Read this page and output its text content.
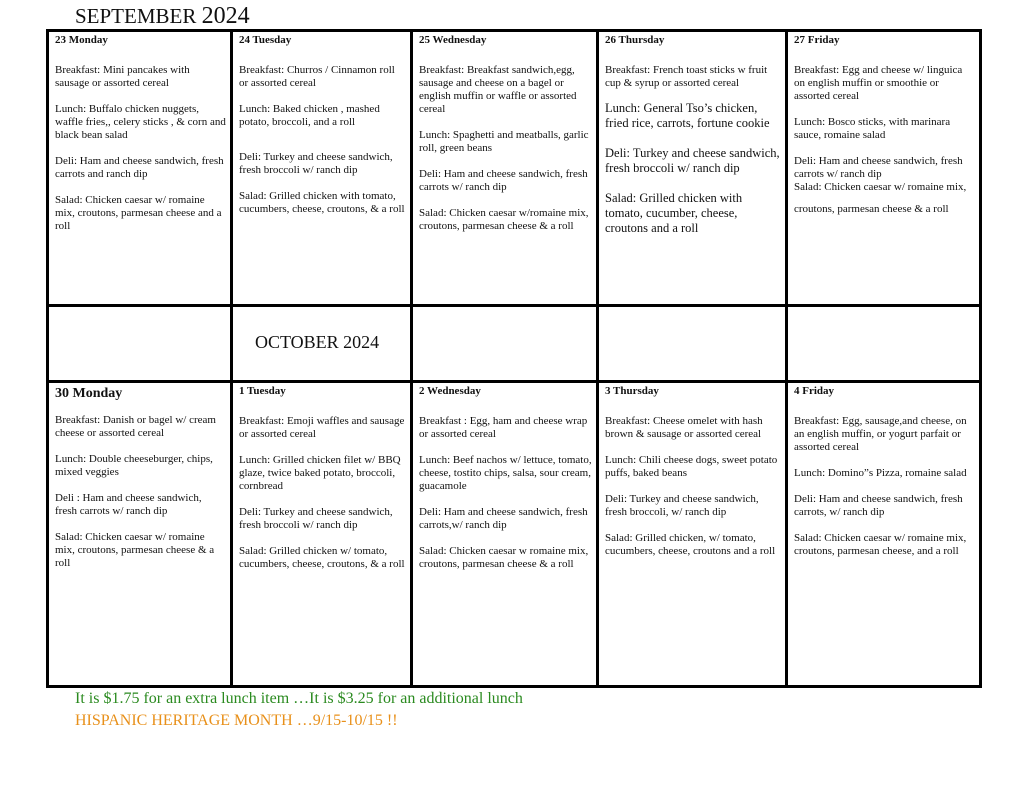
SEPTEMBER 2024
23 Monday

Breakfast: Mini pancakes with sausage or assorted cereal

Lunch: Buffalo chicken nuggets, waffle fries,, celery sticks , & corn and black bean salad

Deli: Ham and cheese sandwich, fresh carrots and ranch dip

Salad: Chicken caesar w/ romaine mix, croutons, parmesan cheese and a roll

24 Tuesday

Breakfast: Churros / Cinnamon roll or assorted cereal

Lunch: Baked chicken , mashed potato, broccoli, and a roll

Deli: Turkey and cheese sandwich, fresh broccoli w/ ranch dip

Salad: Grilled chicken with tomato, cucumbers, cheese, croutons, & a roll

25 Wednesday

Breakfast: Breakfast sandwich,egg, sausage and cheese on a bagel or english muffin or waffle or assorted cereal

Lunch: Spaghetti and meatballs, garlic roll, green beans

Deli: Ham and cheese sandwich, fresh carrots w/ ranch dip

Salad: Chicken caesar w/romaine mix, croutons, parmesan cheese & a roll

26 Thursday

Breakfast: French toast sticks w fruit cup & syrup or assorted cereal

Lunch: General Tso’s chicken, fried rice, carrots, fortune cookie

Deli: Turkey and cheese sandwich, fresh broccoli w/ ranch dip

Salad: Grilled chicken with tomato, cucumber, cheese, croutons and a roll

27 Friday

Breakfast: Egg and cheese w/ linguica on english muffin or smoothie or assorted cereal

Lunch: Bosco sticks, with marinara sauce, romaine salad

Deli: Ham and cheese sandwich, fresh carrots w/ ranch dip

Salad: Chicken caesar w/ romaine mix,

croutons, parmesan cheese & a roll

OCTOBER 2024
30 Monday

Breakfast: Danish or bagel w/ cream cheese or assorted cereal

Lunch: Double cheeseburger, chips, mixed veggies

Deli : Ham and cheese sandwich, fresh carrots w/ ranch dip

Salad: Chicken caesar w/ romaine mix, croutons, parmesan cheese & a roll

1 Tuesday

Breakfast: Emoji waffles and sausage or assorted cereal

Lunch: Grilled chicken filet w/ BBQ glaze, twice baked potato, broccoli, cornbread

Deli: Turkey and cheese sandwich, fresh broccoli w/ ranch dip

Salad: Grilled chicken w/ tomato, cucumbers, cheese, croutons, & a roll

2 Wednesday

Breakfast : Egg, ham and cheese wrap or assorted cereal

Lunch: Beef nachos w/ lettuce, tomato, cheese, tostito chips, salsa, sour cream, guacamole

Deli: Ham and cheese sandwich, fresh carrots,w/ ranch dip

Salad: Chicken caesar w romaine mix, croutons, parmesan cheese & a roll

3 Thursday

Breakfast: Cheese omelet with hash brown & sausage or assorted cereal

Lunch: Chili cheese dogs, sweet potato puffs, baked beans

Deli: Turkey and cheese sandwich, fresh broccoli, w/ ranch dip

Salad: Grilled chicken, w/ tomato, cucumbers, cheese, croutons and a roll

4 Friday

Breakfast: Egg, sausage,and cheese, on an english muffin, or yogurt parfait or assorted cereal

Lunch: Domino”s Pizza, romaine salad

Deli: Ham and cheese sandwich, fresh carrots, w/ ranch dip

Salad: Chicken caesar w/ romaine mix, croutons, parmesan cheese, and a roll

It is $1.75 for an extra lunch item …It is $3.25 for an additional lunch
HISPANIC HERITAGE MONTH …9/15-10/15 !!
